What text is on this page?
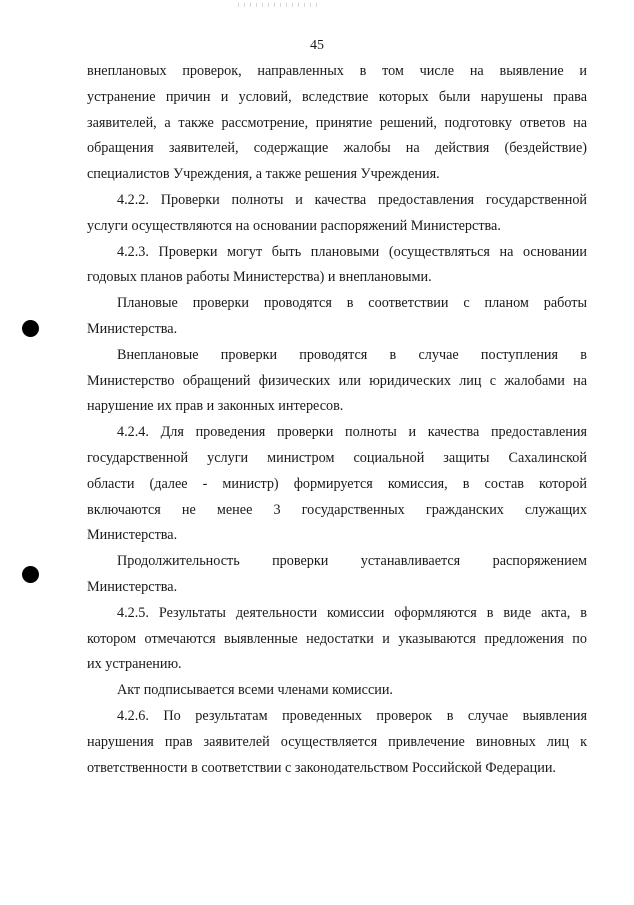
45
внеплановых проверок, направленных в том числе на выявление и
устранение причин и условий, вследствие которых были нарушены права
заявителей, а также рассмотрение, принятие решений, подготовку ответов на
обращения заявителей, содержащие жалобы на действия (бездействие)
специалистов Учреждения, а также решения Учреждения.
4.2.2. Проверки полноты и качества предоставления государственной
услуги осуществляются на основании распоряжений Министерства.
4.2.3. Проверки могут быть плановыми (осуществляться на основании
годовых планов работы Министерства) и внеплановыми.
Плановые проверки проводятся в соответствии с планом работы
Министерства.
Внеплановые проверки проводятся в случае поступления в
Министерство обращений физических или юридических лиц с жалобами на
нарушение их прав и законных интересов.
4.2.4. Для проведения проверки полноты и качества предоставления
государственной услуги министром социальной защиты Сахалинской
области (далее - министр) формируется комиссия, в состав которой
включаются не менее 3 государственных гражданских служащих
Министерства.
Продолжительность проверки устанавливается распоряжением
Министерства.
4.2.5. Результаты деятельности комиссии оформляются в виде акта, в
котором отмечаются выявленные недостатки и указываются предложения по
их устранению.
Акт подписывается всеми членами комиссии.
4.2.6. По результатам проведенных проверок в случае выявления
нарушения прав заявителей осуществляется привлечение виновных лиц к
ответственности в соответствии с законодательством Российской Федерации.
